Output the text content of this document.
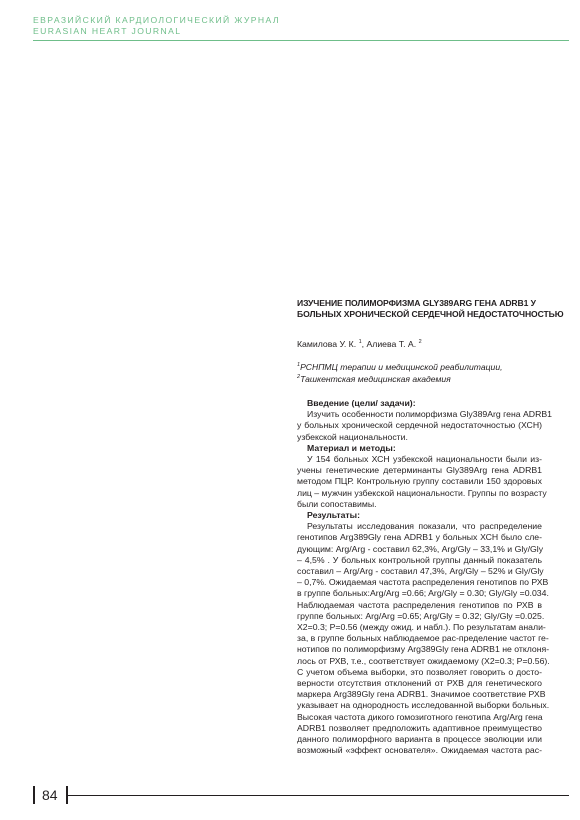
ЕВРАЗИЙСКИЙ КАРДИОЛОГИЧЕСКИЙ ЖУРНАЛ
EURASIAN HEART JOURNAL
ИЗУЧЕНИЕ ПОЛИМОРФИЗМА GLY389ARG ГЕНА ADRB1 У
БОЛЬНЫХ ХРОНИЧЕСКОЙ СЕРДЕЧНОЙ НЕДОСТАТОЧНОСТЬЮ
Камилова У. К. $^1$, Алиева Т. А. $^2$
$^1$РСНПМЦ терапии и медицинской реабилитации,
$^2$Ташкентская медицинская академия
Введение (цели/ задачи):
Изучить особенности полиморфизма Gly389Arg гена ADRB1
у больных хронической сердечной недостаточностью (ХСН)
узбекской национальности.
Материал и методы:
У 154 больных ХСН узбекской национальности были из-
учены генетические детерминанты Gly389Arg гена ADRB1
методом ПЦР. Контрольную группу составили 150 здоровых
лиц – мужчин узбекской национальности. Группы по возрасту
были сопоставимы.
Результаты:
Результаты исследования показали, что распределение
генотипов Arg389Gly гена ADRB1 у больных ХСН было сле-
дующим: Arg/Arg - составил 62,3%, Arg/Gly – 33,1% и Gly/Gly
– 4,5% . У больных контрольной группы данный показатель
составил – Arg/Arg - составил 47,3%, Arg/Gly – 52% и Gly/Gly
– 0,7%. Ожидаемая частота распределения генотипов по РХВ
в группе больных:Arg/Arg =0.66; Arg/Gly = 0.30; Gly/Gly =0.034.
Наблюдаемая частота распределения генотипов по РХВ в
группе больных: Arg/Arg =0.65; Arg/Gly = 0.32; Gly/Gly =0.025.
X2=0.3; P=0.56 (между ожид. и набл.). По результатам анали-
за, в группе больных наблюдаемое рас-пределение частот ге-
нотипов по полиморфизму Arg389Gly гена ADRB1 не отклоня-
лось от РХВ, т.е., соответствует ожидаемому (X2=0.3; P=0.56).
С учетом объема выборки, это позволяет говорить о досто-
верности отсутствия отклонений от РХВ для генетического
маркера Arg389Gly гена ADRB1. Значимое соответствие РХВ
указывает на однородность исследованной выборки больных.
Высокая частота дикого гомозиготного генотипа Arg/Arg гена
ADRB1 позволяет предположить адаптивное преимущество
данного полиморфного варианта в процессе эволюции или
возможный «эффект основателя». Ожидаемая частота рас-
84
